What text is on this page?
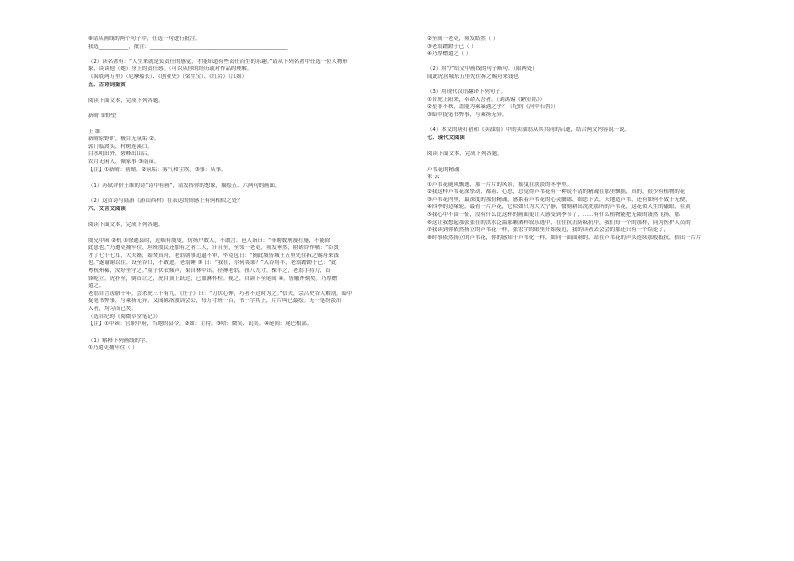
⑧请从画线的两个句子中，任选一句进行批注。
我选___________，批注：___________________________________________________
（2）读名著有：“人生来就是负责任的感觉，才能知道有些责任而生的乐趣。”请从下列名著中任选一位人物形
象，谈谈他（她）身上的责任感。（可以从你的经历或对作品的理解。
《海底两万里》（尼摩船长）、《创业史》（梁生宝）、《红岩》（江姐）
五、古诗词鉴赏
阅读下面文本，完成下列各题。
新晴 ①野望
王 维
新晴原野旷，极目无氛垢 ②。
郭门临渡头，村树连溪口。
白水明田外，碧峰出山后。
农月无闲人，倾家事 ③南亩。
【注】①新晴：初晴。②氛垢：雾气和尘埃。③事：从事。
（1）苏轼评价王维的诗“诗中有画”，请发挥你的想象，描绘五、六两句的画面。
（2）这首诗与陆游《游山西村》在表达的情感上有何相似之处？
六、文言文阅读
阅读下面文本，完成下列各题。
虞兄中函 ②杭 ①徐通县时，近啮有虞叟，仿扬户数人，不敢言。邑人诣曰：“菲聘数刑漫打施，不能除
此患也。”乃遭吏捕牢往，坦班殷民还加有之者二人，汗且至，至邻一老吏，须发垂然，附磋铃作噙：“臣贤
才了七十七耳，大夫婿，始焚真舟，老翁朝事追逼不审，毕竟包日：“阕此虞皆城王五里先往拆之赐舟来钱
也。”遂谕谢以往。设至谷口，不敢进。老翁睡 ③ 日：“我在，尔何畏耶？”入谷将半，老翁蹭蹬于已：“此
粤杭州稀，汝好坐守之。”童子伏衣倾声，果自林中出，径搏老翁，扭八九寸，棵半之，老翁手持刀，首
锋屹立，虎扑至，倒首让之，虎自顶上跃过，已血淋怀柱。视之，自颌下至尾间 ④，皆触斧刻矣。乃厚赠
遣之。
老翁自言齿腊十年，尝杀虎三十有九。《庄子》曰：“刀伏心伸，巧者不过时为之。”信夫，宗吕史谷人解剖，暗中
捉笔书弊事，与乘扬无异，又闻陈洛波训会公，每万寸班一百，书一字其上，片片叫已最绘。无一笔纷淡出
入者，均习而已矣。
（选自纪昀《阅微草堂笔记》）
【注】①中函：官职中府，当地的县令。②如：主持。③唔：微笑、讥笑。④尾间：尾巴根部。
（1）解释下列画线的字。
①乃遣吏捕牢往（ ）
②至间一老吏，须发皓然（ ）
③老翁蹭蹬于已（ ）
④乃厚赠遣之（ ）
（2）用“/”给文中画线的句子断句。（限两处）
闻此虎居城东五里先往拆之赐舟来钱也
（3）用现代汉语翻译下列句子。
①昔虎上阳来，奉命入吾者。（刘禹锡《陋室铭》）
②星非不秋，盖能为乘暴遇之乎？（纪昀《河中石兽》）
③暗中捉笔书弊事，与乘扬无异。
（4）本文的唐打猎和《卖油翁》中的卖油翁从其共同的启迪，结合两文内容说一说。
七、现代文阅读
阅读下面文本，完成下列各题。
芦苇花的精魂
朱 云
①芦苇花随风飘逸，那一片片的风景，摇曳在淡淡的冬季里。
②我这样芦苇花深挚动，都着、心思，总觉得芦苇花有一种说不清的精魂在那里飘摇，真的，很少有植物的花
③芦苇花内里，最深度的那份精魂，感系着芦苇花的心灵幽谧，细思下去，天地造芦苇，还有如何不致于无便，
④四季的边缘轮，最看一片芦花，它似如只为大大宁静，惯刻耕出洗洗那所的芦苇花，这花似人生的磁眼，在黄
⑤我心中不由一怔，没有什么比这样的画面更让人感受到季节了，……有什么植物能把无限的凄然飞扬，那
⑥这让我想起那张张在的洪水泛滥那颗洒样叙乐逃中，在住抗击防疯抗中，我们每一个的那样，同为医护人员的
⑦我读到你依然扬立的芦苇花一样，张宏宇的眼里开始接近，我的读者去会会的那还只有一个结论了，
⑧时事依然扬立的芦苇花，你的感知于芦苇化一样，如同一面面刺的，站在芦苇花的声头连续那般抵抗，抬出一片片
